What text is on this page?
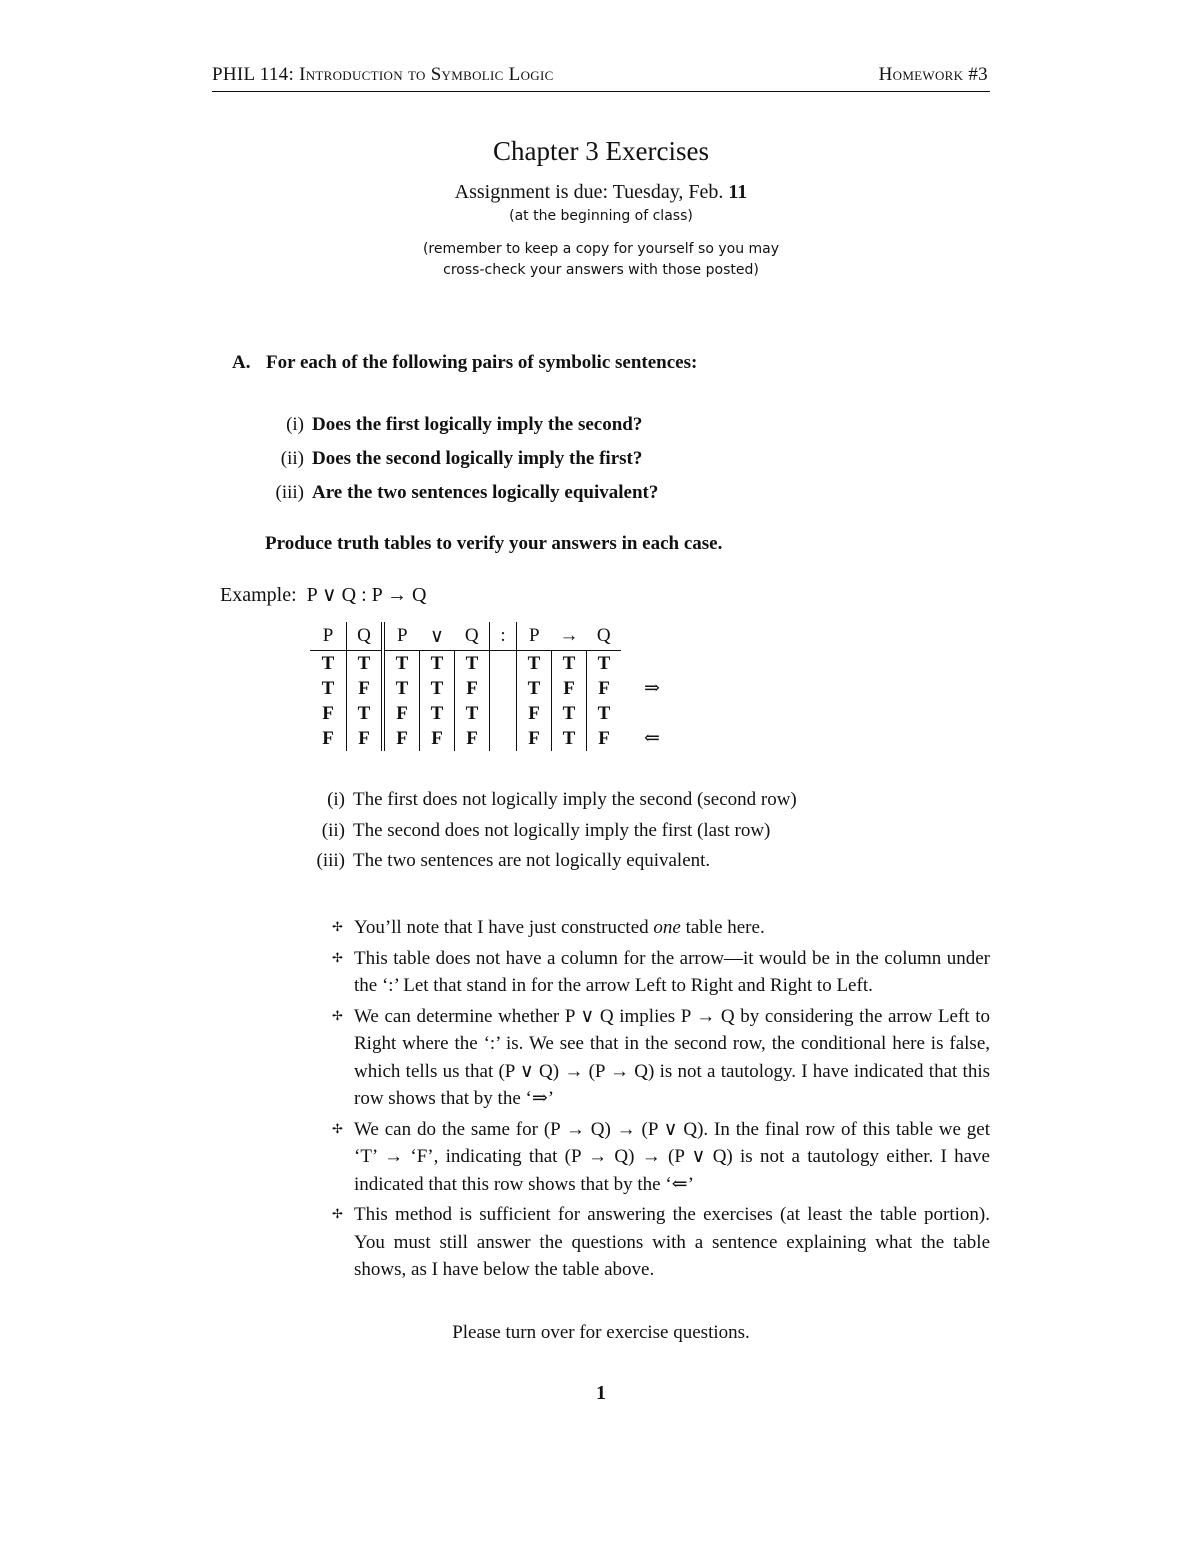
PHIL 114: Introduction to Symbolic Logic	Homework #3
Chapter 3 Exercises
Assignment is due: Tuesday, Feb. 11
(at the beginning of class)
(remember to keep a copy for yourself so you may
cross-check your answers with those posted)
A. For each of the following pairs of symbolic sentences:
(i) Does the first logically imply the second?
(ii) Does the second logically imply the first?
(iii) Are the two sentences logically equivalent?
Produce truth tables to verify your answers in each case.
Example: P ∨ Q : P → Q
P	Q	P	∨	Q	:	P	→	Q	
T	T	T	T	T		T	T	T	
T	F	T	T	F		T	F	F	⇒
F	T	F	T	T		F	T	T	
F	F	F	F	F		F	T	F	⇐
(i) The first does not logically imply the second (second row)
(ii) The second does not logically imply the first (last row)
(iii) The two sentences are not logically equivalent.
✢ You’ll note that I have just constructed one table here.
✢ This table does not have a column for the arrow—it would be in the column under the ‘:’ Let that stand in for the arrow Left to Right and Right to Left.
✢ We can determine whether P ∨ Q implies P → Q by considering the arrow Left to Right where the ‘:’ is. We see that in the second row, the conditional here is false, which tells us that (P ∨ Q) → (P → Q) is not a tautology. I have indicated that this row shows that by the ‘⇒’
✢ We can do the same for (P → Q) → (P ∨ Q). In the final row of this table we get ‘T’ → ‘F’, indicating that (P → Q) → (P ∨ Q) is not a tautology either. I have indicated that this row shows that by the ‘⇐’
✢ This method is sufficient for answering the exercises (at least the table portion). You must still answer the questions with a sentence explaining what the table shows, as I have below the table above.
Please turn over for exercise questions.
1
